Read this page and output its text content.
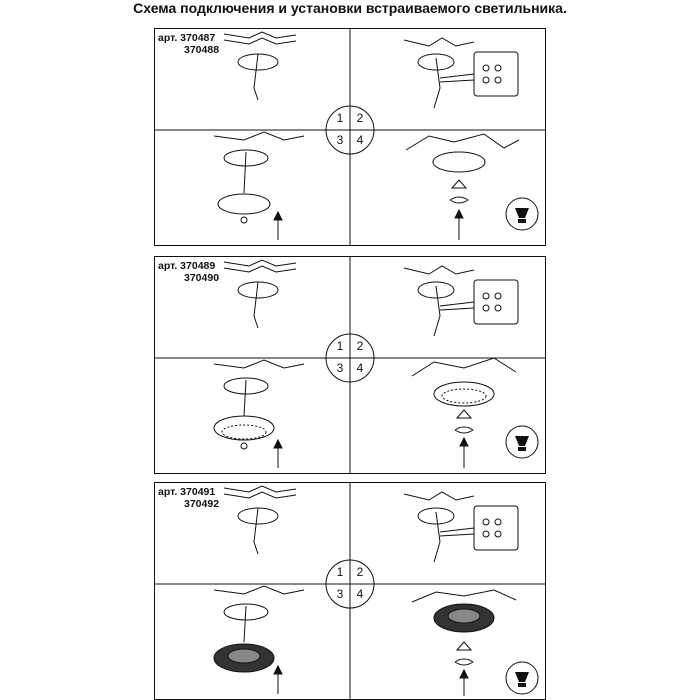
Схема подключения и установки встраиваемого светильника.
арт. 370487
370488
1	2
3	4
арт. 370489
370490
1	2
3	4
арт. 370491
370492
1	2
3	4
